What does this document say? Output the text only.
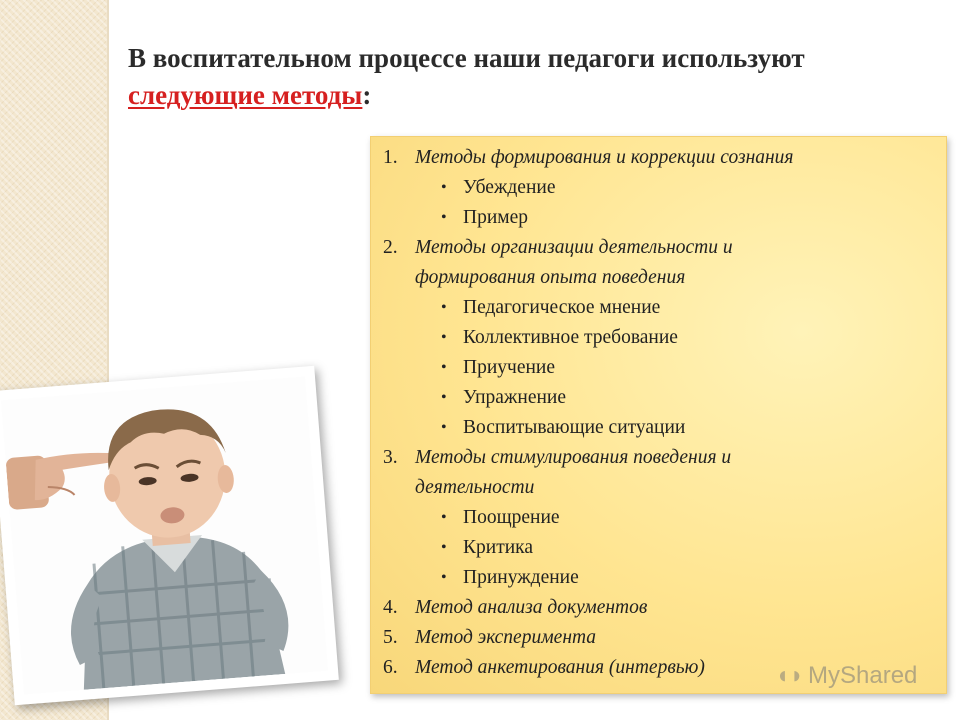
В воспитательном процессе наши педагоги используют следующие методы:
1. Методы формирования и коррекции сознания
• Убеждение
• Пример
2. Методы организации деятельности и
формирования опыта поведения
• Педагогическое мнение
• Коллективное требование
• Приучение
• Упражнение
• Воспитывающие ситуации
3. Методы стимулирования поведения и
деятельности
• Поощрение
• Критика
• Принуждение
4. Метод анализа документов
5. Метод эксперимента
6. Метод анкетирования (интервью)	◖◗ MyShared
